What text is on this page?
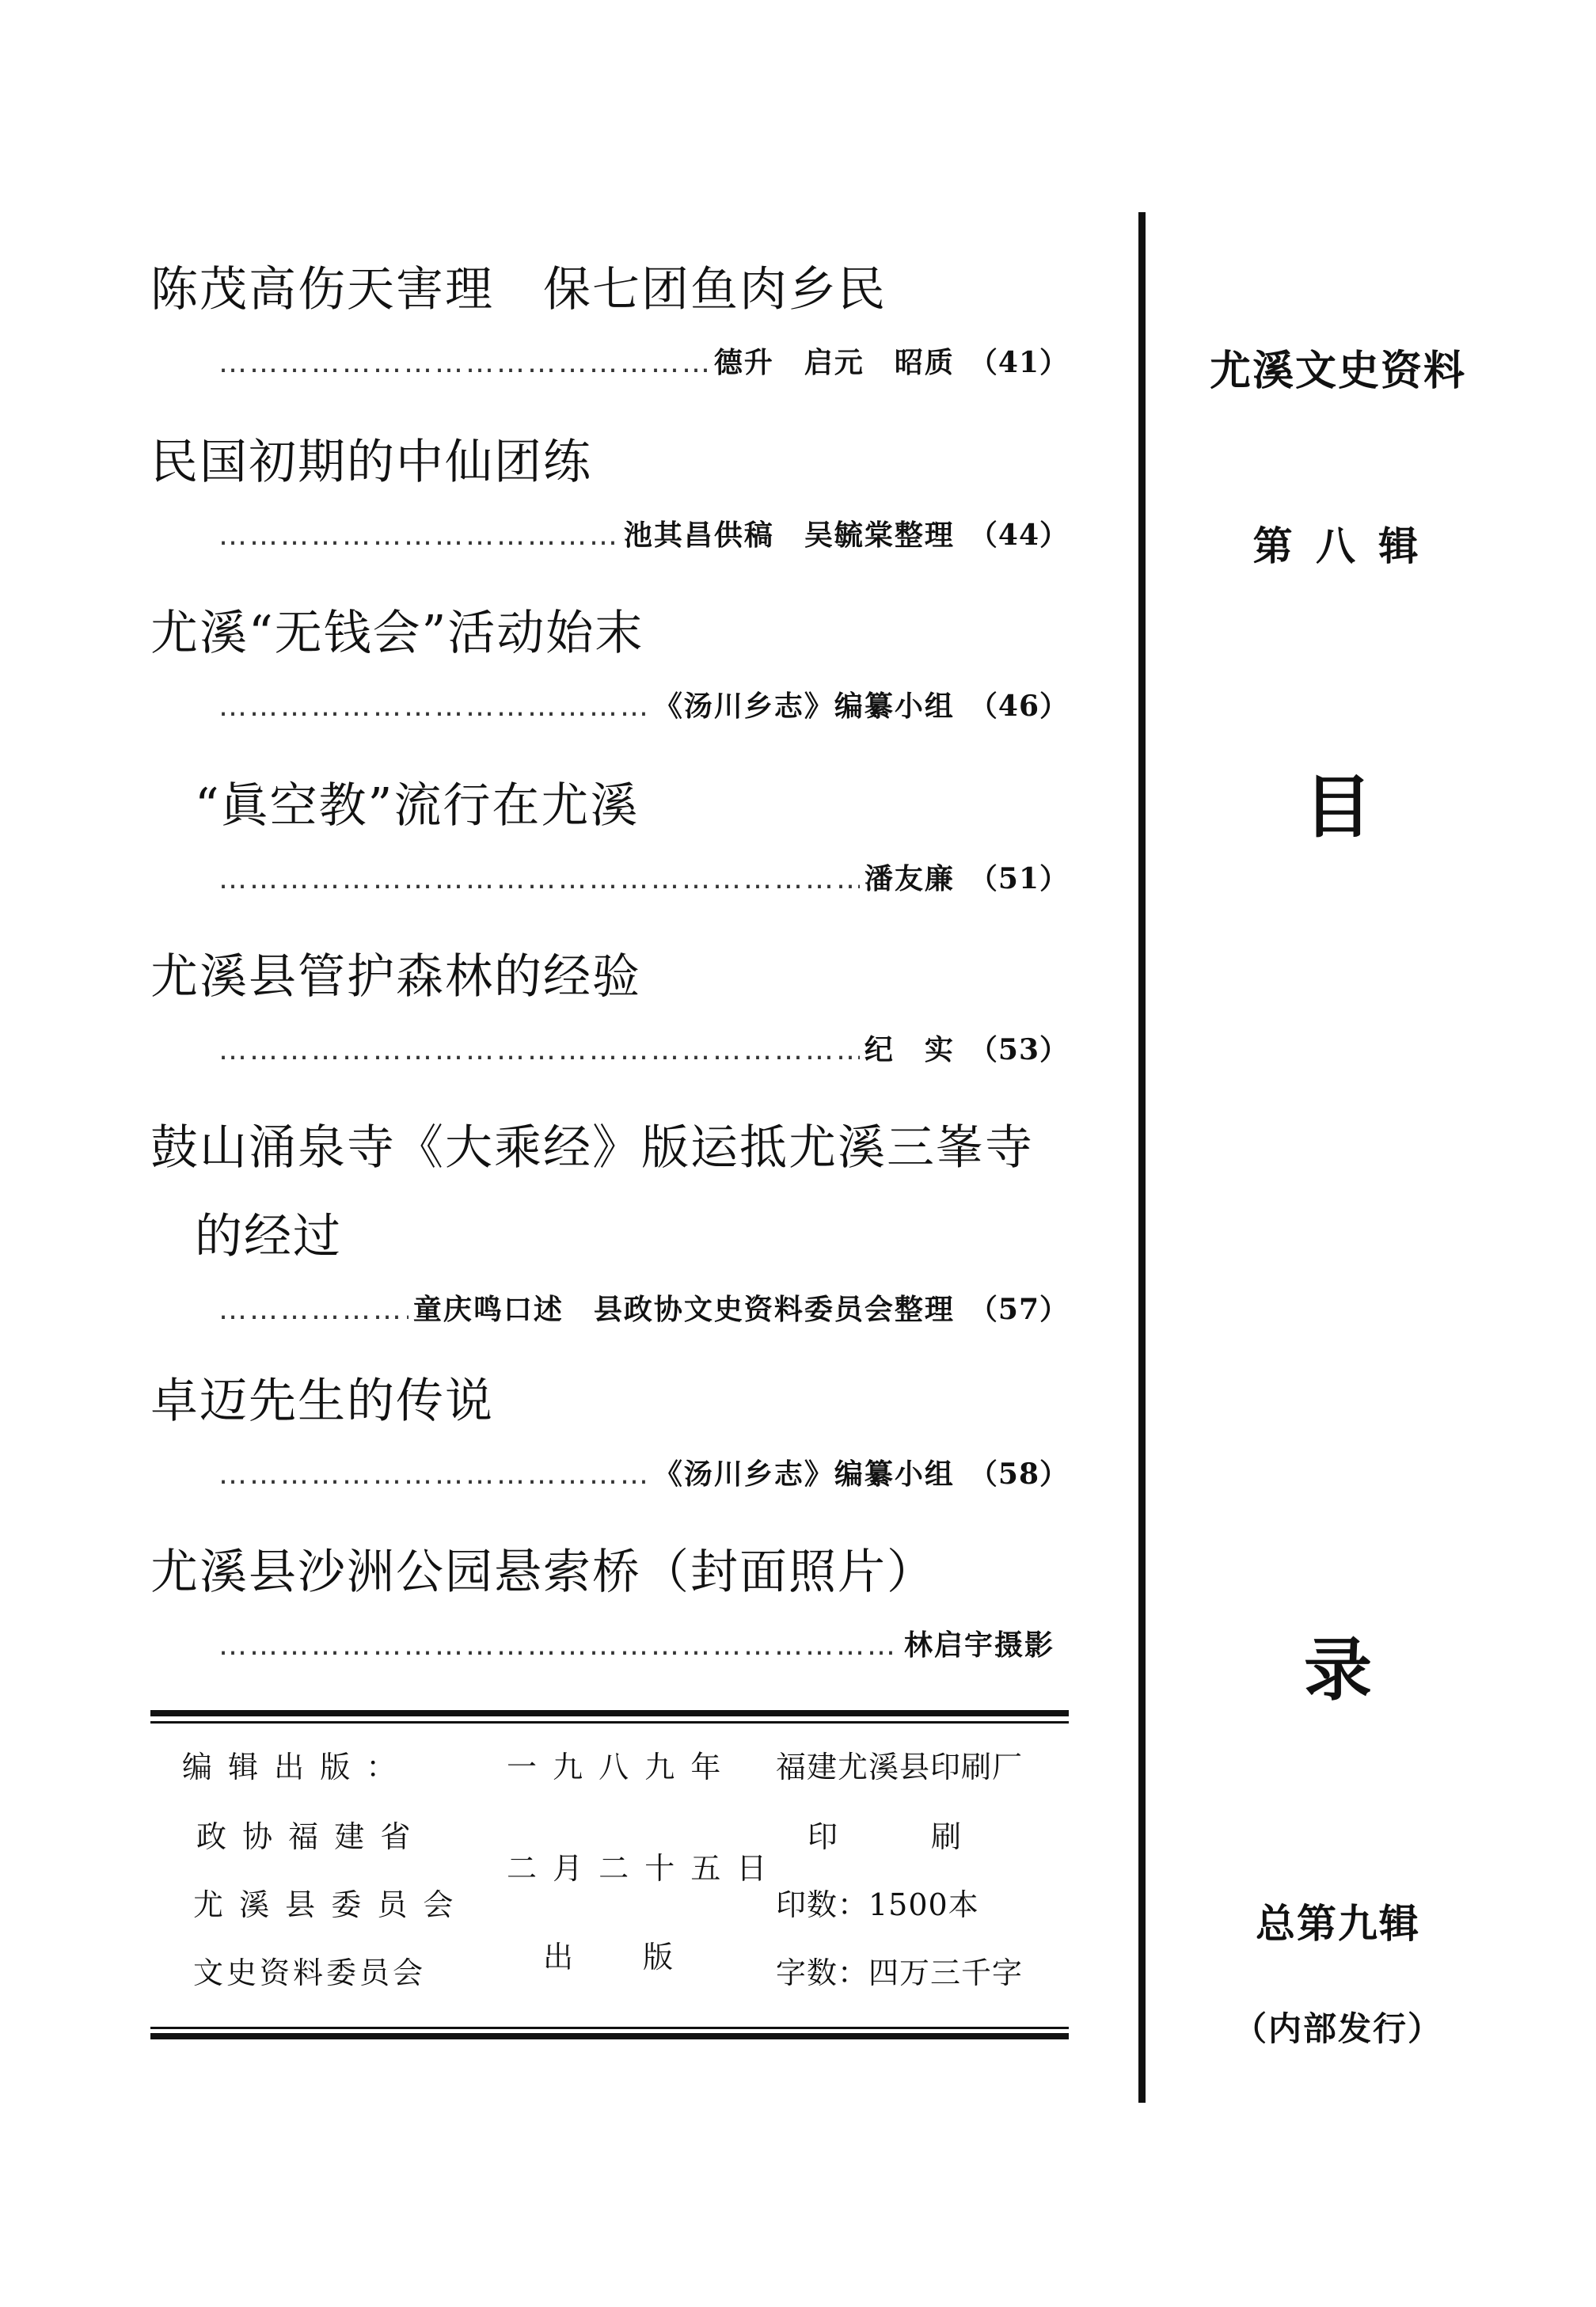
陈茂高伤天害理　保七团鱼肉乡民
…………………………………………………………………………………………………………………………………………
德升　启元　昭质 （41）
民国初期的中仙团练
…………………………………………………………………………………………………………………………………………
池其昌供稿　吴毓棠整理 （44）
尤溪“无钱会”活动始末
…………………………………………………………………………………………………………………………………………
《汤川乡志》编纂小组 （46）
“眞空教”流行在尤溪
…………………………………………………………………………………………………………………………………………
潘友廉 （51）
尤溪县管护森林的经验
…………………………………………………………………………………………………………………………………………
纪　实 （53）
鼓山涌泉寺《大乘经》版运抵尤溪三峯寺
的经过
…………………………………………………………………………………………………………………………………………
童庆鸣口述　县政协文史资料委员会整理 （57）
卓迈先生的传说
…………………………………………………………………………………………………………………………………………
《汤川乡志》编纂小组 （58）
尤溪县沙洲公园悬索桥（封面照片）
…………………………………………………………………………………………………………………………………………
林启宇摄影
编 辑 出 版 ：
政 协 福 建 省
尤 溪 县 委 员 会
文史资料委员会
一 九 八 九 年
二 月 二 十 五 日
出　　版
福建尤溪县印刷厂
印　　　刷
印数：1500本
字数：四万三千字
尤溪文史资料
第 八 辑
目
录
总第九辑
（内部发行）
